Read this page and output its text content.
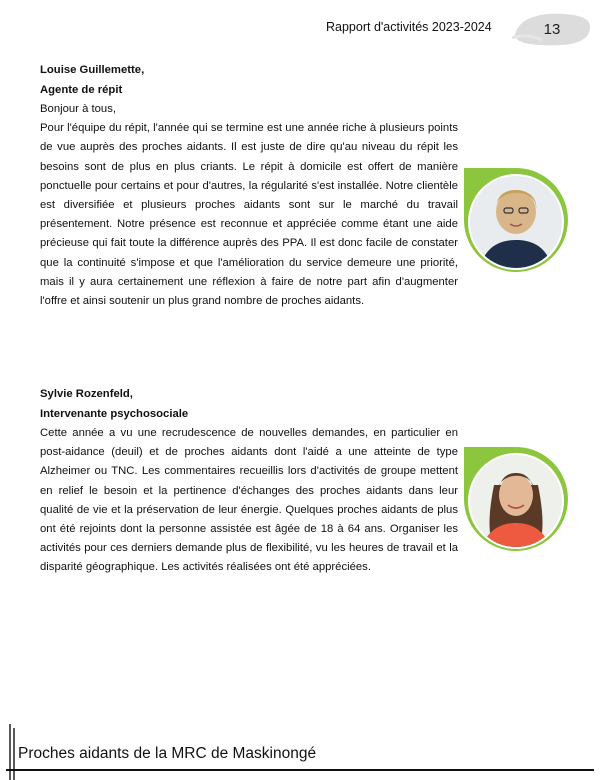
Rapport d'activités 2023-2024	13

Louise Guillemette,

Agente de répit

Bonjour à tous,

Pour l'équipe du répit, l'année qui se termine est une année riche à plusieurs points de vue auprès des proches aidants. Il est juste de dire qu'au niveau du répit les besoins sont de plus en plus criants. Le répit à domicile est offert de manière ponctuelle pour certains et pour d'autres, la régularité s'est installée. Notre clientèle est diversifiée et plusieurs proches aidants sont sur le marché du travail présentement. Notre présence est reconnue et appréciée comme étant une aide précieuse qui fait toute la différence auprès des PPA. Il est donc facile de constater que la continuité s'impose et que l'amélioration du service demeure une priorité, mais il y aura certainement une réflexion à faire de notre part afin d'augmenter l'offre et ainsi soutenir un plus grand nombre de proches aidants.

Sylvie Rozenfeld,

Intervenante psychosociale

Cette année a vu une recrudescence de nouvelles demandes, en particulier en post-aidance (deuil) et de proches aidants dont l'aidé a une atteinte de type Alzheimer ou TNC. Les commentaires recueillis lors d'activités de groupe mettent en relief le besoin et la pertinence d'échanges des proches aidants dans leur qualité de vie et la préservation de leur énergie. Quelques proches aidants de plus ont été rejoints dont la personne assistée est âgée de 18 à 64 ans. Organiser les activités pour ces derniers demande plus de flexibilité, vu les heures de travail et la disparité géographique. Les activités réalisées ont été appréciées.

Proches aidants de la MRC de Maskinongé
